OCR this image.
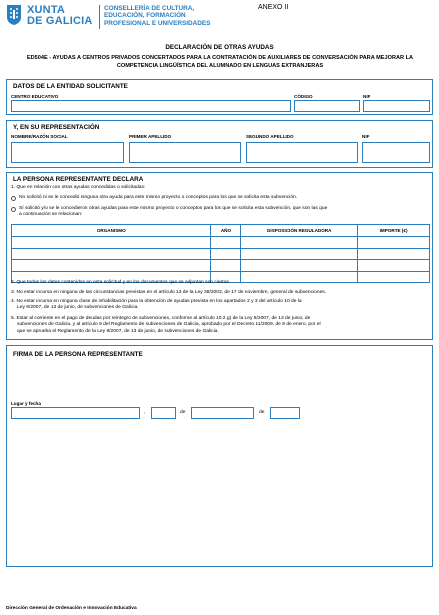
XUNTA
DE GALICIA
CONSELLERÍA DE CULTURA,
EDUCACIÓN, FORMACIÓN
PROFESIONAL E UNIVERSIDADES
ANEXO II
DECLARACIÓN DE OTRAS AYUDAS
ED504E - AYUDAS A CENTROS PRIVADOS CONCERTADOS PARA LA CONTRATACIÓN DE AUXILIARES DE CONVERSACIÓN PARA MEJORAR LA
COMPETENCIA LINGÜÍSTICA DEL ALUMNADO EN LENGUAS EXTRANJERAS
DATOS DE LA ENTIDAD SOLICITANTE
CENTRO EDUCATIVO	CÓDIGO	NIF
Y, EN SU REPRESENTACIÓN
NOMBRE/RAZÓN SOCIAL	PRIMER APELLIDO	SEGUNDO APELLIDO	NIF
LA PERSONA REPRESENTANTE DECLARA
1. Que en relación con otras ayudas concedidas o solicitadas:
No solicitó ni se le concedió ninguna otra ayuda para este mismo proyecto o conceptos para los que se solicita esta subvención.
Sí solicitó y/o se le concedieron otras ayudas para este mismo proyecto o conceptos para los que se solicita esta subvención, que son las que
a continuación se relacionan:
ORGANISMO	AÑO	DISPOSICIÓN REGULADORA	IMPORTE (€)

2. Que todos los datos contenidos en esta solicitud y en los documentos que se adjuntan son ciertos.
3. No estar incursa en ninguna de las circunstancias previstas en el artículo 13 de la Ley 38/2003, de 17 de noviembre, general de subvenciones.
4. No estar incursa en ninguna clase de inhabilitación para la obtención de ayudas prevista en los apartados 2 y 3 del artículo 10 de la
Ley 9/2007, de 13 de junio, de subvenciones de Galicia.
5. Estar al corriente en el pago de deudas por reintegro de subvenciones, conforme al artículo 10.2.g) de la Ley 9/2007, de 13 de junio, de
subvenciones de Galicia, y al artículo 9 del Reglamento de subvenciones de Galicia, aprobado por el Decreto 11/2009, de 8 de enero, por el
que se aprueba el Reglamento de la Ley 9/2007, de 13 de junio, de subvenciones de Galicia.
FIRMA DE LA PERSONA REPRESENTANTE
Lugar y fecha
,	de	de
Dirección General de Ordenación e Innovación Educativa
